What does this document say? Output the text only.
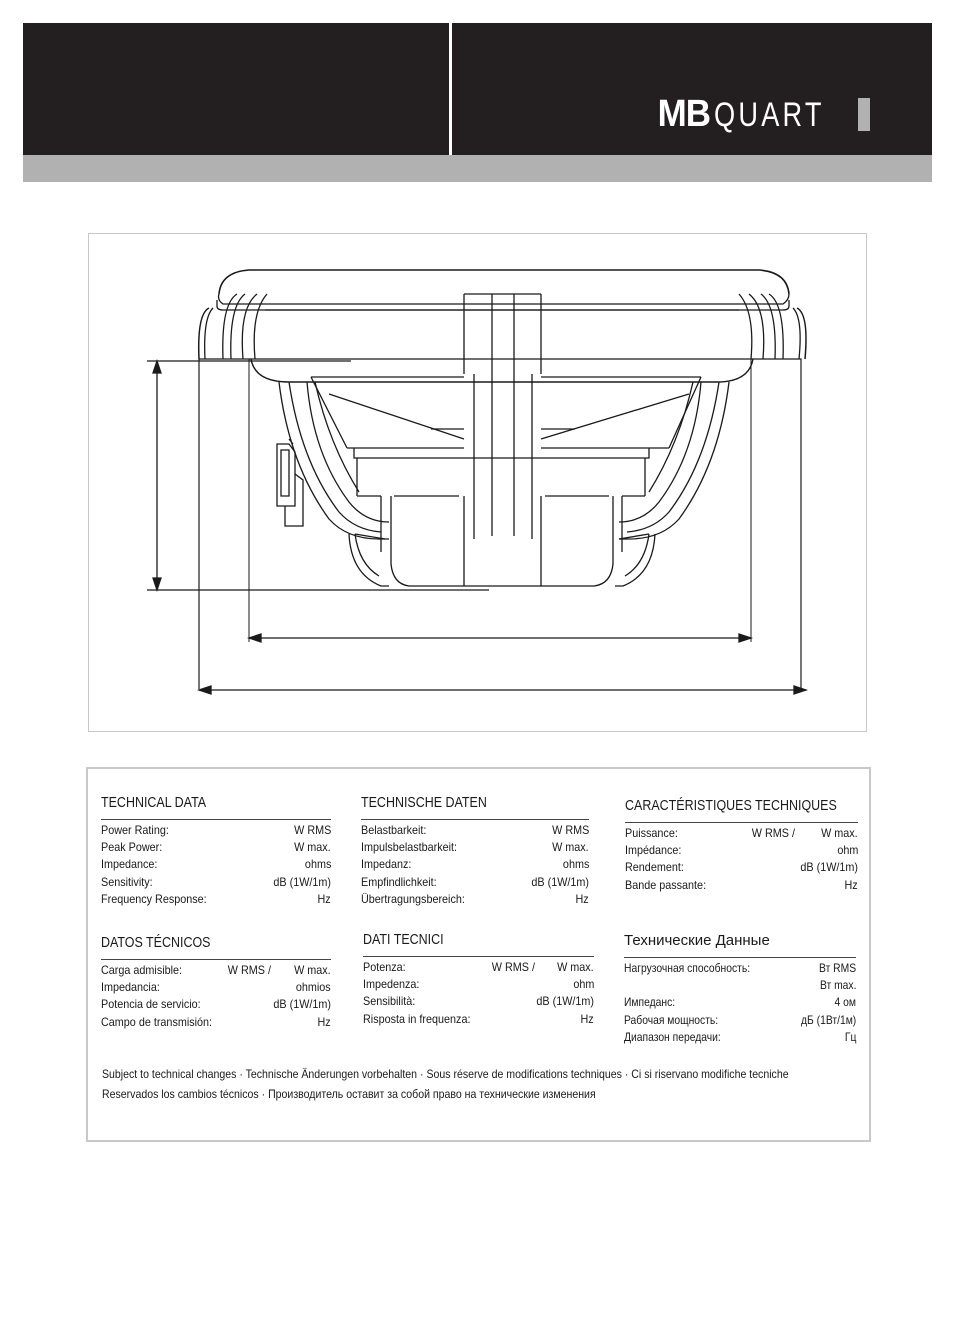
MB QUART
TECHNICAL DATA
Power Rating:	W RMS
Peak Power:	W max.
Impedance:	ohms
Sensitivity:	dB (1W/1m)
Frequency Response:	Hz
TECHNISCHE DATEN
Belastbarkeit:	W RMS
Impulsbelastbarkeit:	W max.
Impedanz:	ohms
Empfindlichkeit:	dB (1W/1m)
Übertragungsbereich:	Hz
CARACTÉRISTIQUES TECHNIQUES
Puissance:	W RMS / W max.
Impédance:	ohm
Rendement:	dB (1W/1m)
Bande passante:	Hz
DATOS TÉCNICOS
Carga admisible:	W RMS / W max.
Impedancia:	ohmios
Potencia de servicio:	dB (1W/1m)
Campo de transmisión:	Hz
DATI TECNICI
Potenza:	W RMS / W max.
Impedenza:	ohm
Sensibilità:	dB (1W/1m)
Risposta in frequenza:	Hz
Технические Данные
Нагрузочная способность:	Вт RMS
Вт max.
Импеданс:	4 ом
Рабочая мощность:	дБ (1Вт/1м)
Диапазон передачи:	Гц
Subject to technical changes · Technische Änderungen vorbehalten · Sous réserve de modifications techniques · Ci si riservano modifiche tecniche
Reservados los cambios técnicos · Производитель оставит за собой право на технические изменения
